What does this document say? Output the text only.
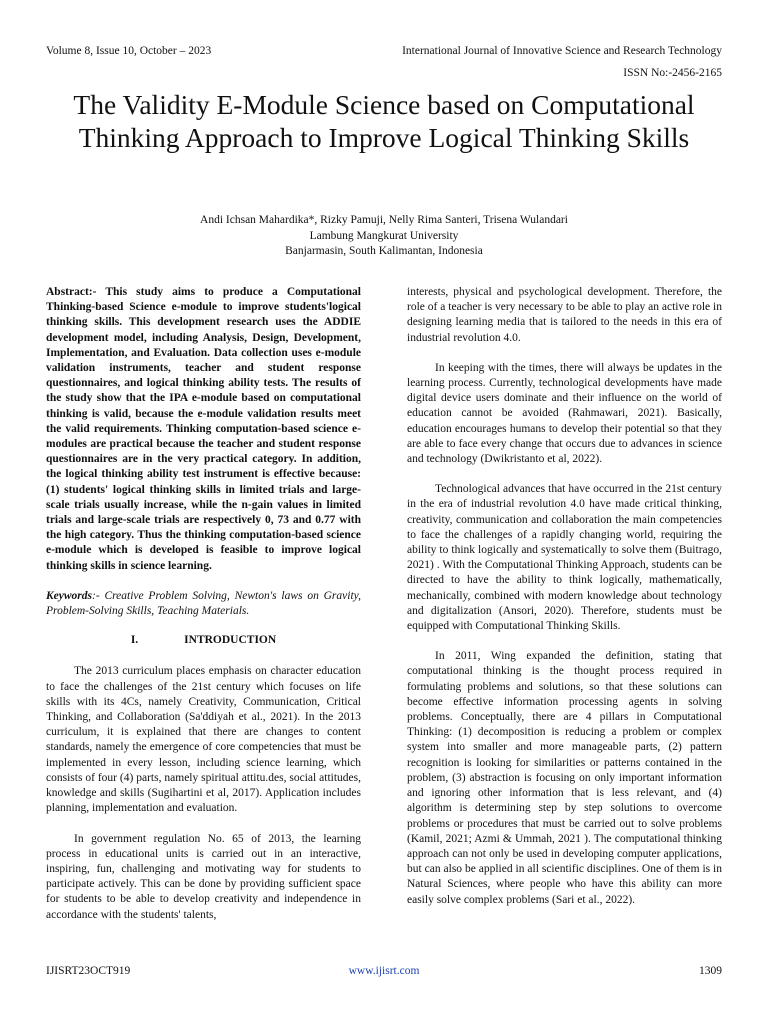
Volume 8, Issue 10, October – 2023	International Journal of Innovative Science and Research Technology
ISSN No:-2456-2165
The Validity E-Module Science based on Computational Thinking Approach to Improve Logical Thinking Skills
Andi Ichsan Mahardika*, Rizky Pamuji, Nelly Rima Santeri, Trisena Wulandari
Lambung Mangkurat University
Banjarmasin, South Kalimantan, Indonesia

Abstract:- This study aims to produce a Computational Thinking-based Science e-module to improve students'logical thinking skills. This development research uses the ADDIE development model, including Analysis, Design, Development, Implementation, and Evaluation. Data collection uses e-module validation instruments, teacher and student response questionnaires, and logical thinking ability tests. The results of the study show that the IPA e-module based on computational thinking is valid, because the e-module validation results meet the valid requirements. Thinking computation-based science e-modules are practical because the teacher and student response questionnaires are in the very practical category. In addition, the logical thinking ability test instrument is effective because: (1) students' logical thinking skills in limited trials and large-scale trials usually increase, while the n-gain values in limited trials and large-scale trials are respectively 0, 73 and 0.77 with the high category. Thus the thinking computation-based science e-module which is developed is feasible to improve logical thinking skills in science learning.

Keywords:- Creative Problem Solving, Newton's laws on Gravity, Problem-Solving Skills, Teaching Materials.

I.	INTRODUCTION

The 2013 curriculum places emphasis on character education to face the challenges of the 21st century which focuses on life skills with its 4Cs, namely Creativity, Communication, Critical Thinking, and Collaboration (Sa'ddiyah et al., 2021). In the 2013 curriculum, it is explained that there are changes to content standards, namely the emergence of core competencies that must be implemented in every lesson, including science learning, which consists of four (4) parts, namely spiritual attitu.des, social attitudes, knowledge and skills (Sugihartini et al, 2017). Application includes planning, implementation and evaluation.

In government regulation No. 65 of 2013, the learning process in educational units is carried out in an interactive, inspiring, fun, challenging and motivating way for students to participate actively. This can be done by providing sufficient space for students to be able to develop creativity and independence in accordance with the students' talents,

interests, physical and psychological development. Therefore, the role of a teacher is very necessary to be able to play an active role in designing learning media that is tailored to the needs in this era of industrial revolution 4.0.

In keeping with the times, there will always be updates in the learning process. Currently, technological developments have made digital device users dominate and their influence on the world of education cannot be avoided (Rahmawari, 2021). Basically, education encourages humans to develop their potential so that they are able to face every change that occurs due to advances in science and technology (Dwikristanto et al, 2022).

Technological advances that have occurred in the 21st century in the era of industrial revolution 4.0 have made critical thinking, creativity, communication and collaboration the main competencies to face the challenges of a rapidly changing world, requiring the ability to think logically and systematically to solve them (Buitrago, 2021) . With the Computational Thinking Approach, students can be directed to have the ability to think logically, mathematically, mechanically, combined with modern knowledge about technology and digitalization (Ansori, 2020). Therefore, students must be equipped with Computational Thinking Skills.

In 2011, Wing expanded the definition, stating that computational thinking is the thought process required in formulating problems and solutions, so that these solutions can become effective information processing agents in solving problems. Conceptually, there are 4 pillars in Computational Thinking: (1) decomposition is reducing a problem or complex system into smaller and more manageable parts, (2) pattern recognition is looking for similarities or patterns contained in the problem, (3) abstraction is focusing on only important information and ignoring other information that is less relevant, and (4) algorithm is determining step by step solutions to overcome problems or procedures that must be carried out to solve problems (Kamil, 2021; Azmi & Ummah, 2021 ). The computational thinking approach can not only be used in developing computer applications, but can also be applied in all scientific disciplines. One of them is in Natural Sciences, where people who have this ability can more easily solve complex problems (Sari et al., 2022).

IJISRT23OCT919	www.ijisrt.com	1309
